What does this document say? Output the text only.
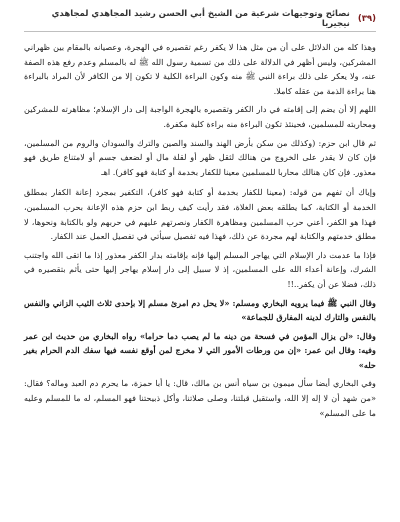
(٣٩)
نصائح وتوجيهات شرعية من الشيخ أبي الحسن رشيد المجاهدي لمجاهدي نيجيريا

وهذا كله من الدلائل على أن من مثل هذا لا يكفر رغم تقصيره في الهجرة، وعصيانه بالمقام بين ظهراني المشركين، وليس أظهر في الدلالة على ذلك من تسمية رسول الله ﷺ له بالمسلم وعدم رفع هذه الصفة عنه، ولا يعكر على ذلك براءة النبي ﷺ منه وكون البراءة الكلية لا تكون إلا من الكافر لأن المراد بالبراءة هنا براءة الذمة من عقله كاملا.

اللهم إلا أن يضم إلى إقامته في دار الكفر وتقصيره بالهجرة الواجبة إلى دار الإسلام؛ مظاهرته للمشركين ومحاربته للمسلمين، فحينئذ تكون البراءة منه براءة كلية مكفرة.

ثم قال ابن حزم: (وكذلك من سكن بأرض الهند والسند والصين والترك والسودان والروم من المسلمين، فإن كان لا يقدر على الخروج من هنالك لثقل ظهر أو لقلة مال أو لضعف جسم أو لامتناع طريق فهو معذور. فإن كان هنالك محاربا للمسلمين معينا للكفار بخدمة أو كتابة فهو كافر). اهـ

وإياك أن تفهم من قوله: (معينا للكفار بخدمة أو كتابة فهو كافر)، التكفير بمجرد إعانة الكفار بمطلق الخدمة أو الكتابة، كما يطلقه بعض الغلاة، فقد رأيت كيف ربط ابن حزم هذه الإعانة بحرب المسلمين، فهذا هو الكفر، أعني حرب المسلمين ومظاهرة الكفار ونصرتهم عليهم في حربهم ولو بالكتابة ونحوها، لا مطلق خدمتهم والكتابة لهم مجردة عن ذلك، فهذا فيه تفصيل سيأتي في تفصيل العمل عند الكفار.

فإذا ما عدمت دار الإسلام التي يهاجر المسلم إليها فإنه بإقامته بدار الكفر معذور إذا ما اتقى الله واجتنب الشرك، وإعانة أعداء الله على المسلمين، إذ لا سبيل إلى دار إسلام يهاجر إليها حتى يأثم بتقصيره في ذلك، فضلا عن أن يكفر..!!

وقال النبي ﷺ فيما يرويه البخاري ومسلم: «لا يحل دم امرئ مسلم إلا بإحدى ثلاث الثيب الزاني والنفس بالنفس والتارك لدينه المفارق للجماعة»

وقال: «لن يزال المؤمن في فسحة من دينه ما لم يصب دما حراما» رواه البخاري من حديث ابن عمر وفيه: وقال ابن عمر: «إن من ورطات الأمور التي لا مخرج لمن أوقع نفسه فيها سفك الدم الحرام بغير حله»

وفي البخاري أيضا سأل ميمون بن سياه أنس بن مالك، قال: يا أبا حمزة، ما يحرم دم العبد وماله؟ فقال: «من شهد أن لا إله إلا الله، واستقبل قبلتنا، وصلى صلاتنا، وأكل ذبيحتنا فهو المسلم، له ما للمسلم وعليه ما على المسلم»
